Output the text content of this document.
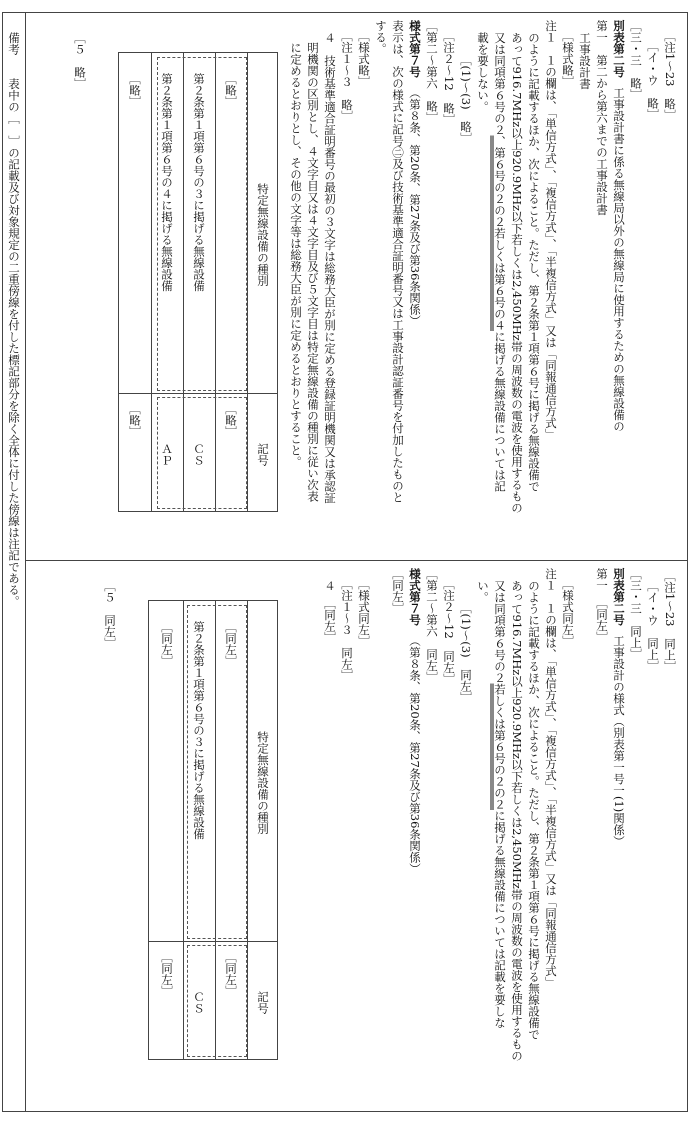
備考
表中の［　］の記載及び対象規定の二重傍線を付した標記部分を除く全体に付した傍線は注記である。
［注1～23　略］
［イ・ウ　略］
［三・三　略］
別表第二号 工事設計書に係る無線局以外の無線局に使用するための無線設備の
第一　第二から第六までの工事設計書
工事設計書
［様式略］
注１　１の欄は、「単信方式」、「複信方式」、「半複信方式」又は「同報通信方式」
のように記載するほか、次によること。ただし、第２条第１項第６号に掲げる無線設備で
あって916.7MHz以上920.9MHz以下若しくは2,450MHz帯の周波数の電波を使用するもの
又は同項第６号の２、第６号の２の２若しくは第６号の４に掲げる無線設備については記
載を要しない。
［(1)～(3)　略］
［注２～12　略］
［第二～第六　略］
様式第７号 （第８条、第20条、第27条及び第36条関係）
表示は、次の様式に記号㊁及び技術基準適合証明番号又は工事設計認証番号を付加したものと
する。
［様式略］
［注１～３　略］
４　技術基準適合証明番号の最初の３文字は総務大臣が別に定める登録証明機関又は承認証
明機関の区別とし、４文字目又は４文字目及び５文字目は特定無線設備の種別に従い次表
に定めるとおりとし、その他の文字等は総務大臣が別に定めるとおりとすること。
特定無線設備の種別
記号
［略］
［略］
第２条第１項第６号の３に掲げる無線設備
ＣＳ
第２条第１項第６号の４に掲げる無線設備
ＡＰ
［略］
［略］
［５　略］
［注1～23　同上］
［イ・ウ　同上］
［三・三　同上］
別表第二号 工事設計の様式（別表第一号一(1)関係）
第一　［同左］
［様式同左］
注１　１の欄は、「単信方式」、「複信方式」、「半複信方式」又は「同報通信方式」
のように記載するほか、次によること。ただし、第２条第１項第６号に掲げる無線設備で
あって916.7MHz以上920.9MHz以下若しくは2,450MHz帯の周波数の電波を使用するもの
又は同項第６号の２若しくは第６号の２の２に掲げる無線設備については記載を要しな
い。
［(1)～(3)　同左］
［注２～12　同左］
［第二～第六　同左］
様式第７号 （第８条、第20条、第27条及び第36条関係）
［同左］
［様式同左］
［注１～３　同左］
４　［同左］
特定無線設備の種別
記号
［同左］
［同左］
第２条第１項第６号の３に掲げる無線設備
ＣＳ
［同左］
［同左］
［５　同左］
